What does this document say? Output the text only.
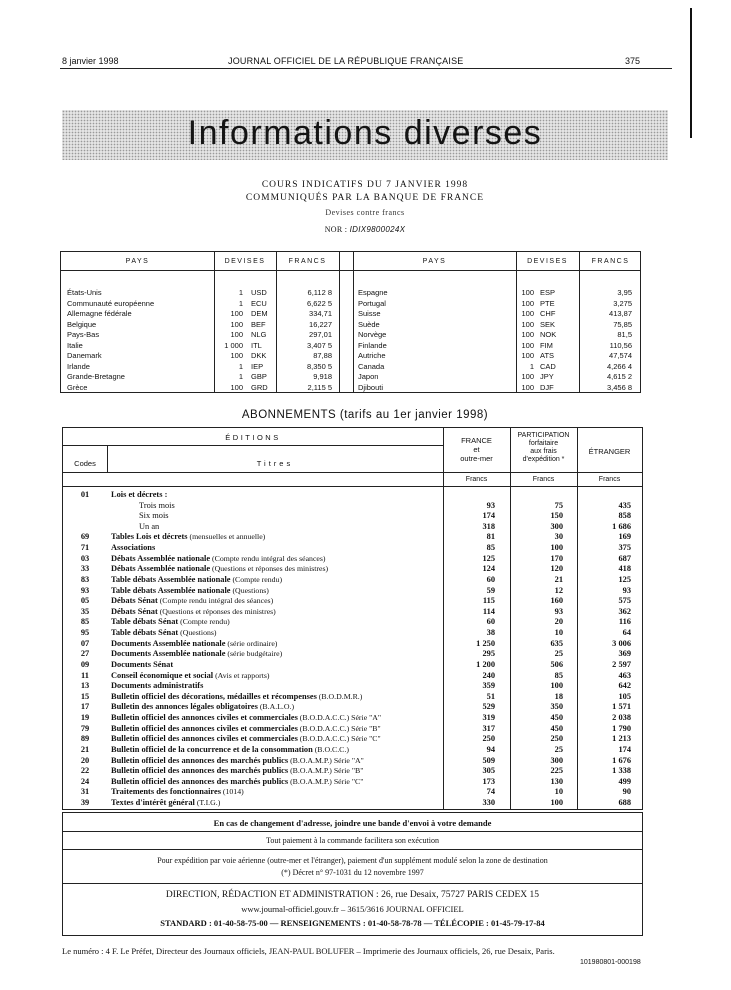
8 janvier 1998	JOURNAL OFFICIEL DE LA RÉPUBLIQUE FRANÇAISE	375
Informations diverses
COURS INDICATIFS DU 7 JANVIER 1998
COMMUNIQUÉS PAR LA BANQUE DE FRANCE
Devises contre francs
NOR : IDIX9800024X
PAYS	DEVISES	FRANCS	PAYS	DEVISES	FRANCS
États-Unis	1 USD	6,112 8
Communauté européenne	1 ECU	6,622 5
Allemagne fédérale	100 DEM	334,71
Belgique	100 BEF	16,227
Pays-Bas	100 NLG	297,01
Italie	1 000 ITL	3,407 5
Danemark	100 DKK	87,88
Irlande	1 IEP	8,350 5
Grande-Bretagne	1 GBP	9,918
Grèce	100 GRD	2,115 5
Espagne	100 ESP	3,95
Portugal	100 PTE	3,275
Suisse	100 CHF	413,87
Suède	100 SEK	75,85
Norvège	100 NOK	81,5
Finlande	100 FIM	110,56
Autriche	100 ATS	47,574
Canada	1 CAD	4,266 4
Japon	100 JPY	4,615 2
Djibouti	100 DJF	3,456 8
ABONNEMENTS (tarifs au 1er janvier 1998)
ÉDITIONS
Codes	Titres
FRANCE
et
outre-mer
PARTICIPATION
forfaitaire
aux frais
d'expédition *
ÉTRANGER
Francs	Francs	Francs
01	Lois et décrets :
Trois mois	93	75	435
Six mois	174	150	858
Un an	318	300	1 686
69	Tables Lois et décrets (mensuelles et annuelle)	81	30	169
71	Associations	85	100	375
03	Débats Assemblée nationale (Compte rendu intégral des séances)	125	170	687
33	Débats Assemblée nationale (Questions et réponses des ministres)	124	120	418
83	Table débats Assemblée nationale (Compte rendu)	60	21	125
93	Table débats Assemblée nationale (Questions)	59	12	93
05	Débats Sénat (Compte rendu intégral des séances)	115	160	575
35	Débats Sénat (Questions et réponses des ministres)	114	93	362
85	Table débats Sénat (Compte rendu)	60	20	116
95	Table débats Sénat (Questions)	38	10	64
07	Documents Assemblée nationale (série ordinaire)	1 250	635	3 006
27	Documents Assemblée nationale (série budgétaire)	295	25	369
09	Documents Sénat	1 200	506	2 597
11	Conseil économique et social (Avis et rapports)	240	85	463
13	Documents administratifs	359	100	642
15	Bulletin officiel des décorations, médailles et récompenses (B.O.D.M.R.)	51	18	105
17	Bulletin des annonces légales obligatoires (B.A.L.O.)	529	350	1 571
19	Bulletin officiel des annonces civiles et commerciales (B.O.D.A.C.C.) Série "A"	319	450	2 038
79	Bulletin officiel des annonces civiles et commerciales (B.O.D.A.C.C.) Série "B"	317	450	1 790
89	Bulletin officiel des annonces civiles et commerciales (B.O.D.A.C.C.) Série "C"	250	250	1 213
21	Bulletin officiel de la concurrence et de la consommation (B.O.C.C.)	94	25	174
20	Bulletin officiel des annonces des marchés publics (B.O.A.M.P.) Série "A"	509	300	1 676
22	Bulletin officiel des annonces des marchés publics (B.O.A.M.P.) Série "B"	305	225	1 338
24	Bulletin officiel des annonces des marchés publics (B.O.A.M.P.) Série "C"	173	130	499
31	Traitements des fonctionnaires (1014)	74	10	90
39	Textes d'intérêt général (T.I.G.)	330	100	688
En cas de changement d'adresse, joindre une bande d'envoi à votre demande
Tout paiement à la commande facilitera son exécution
Pour expédition par voie aérienne (outre-mer et l'étranger), paiement d'un supplément modulé selon la zone de destination
(*) Décret n° 97-1031 du 12 novembre 1997
DIRECTION, RÉDACTION ET ADMINISTRATION : 26, rue Desaix, 75727 PARIS CEDEX 15
www.journal-officiel.gouv.fr – 3615/3616 JOURNAL OFFICIEL
STANDARD : 01-40-58-75-00 — RENSEIGNEMENTS : 01-40-58-78-78 — TÉLÉCOPIE : 01-45-79-17-84
Le numéro : 4 F. Le Préfet, Directeur des Journaux officiels, JEAN-PAUL BOLUFER – Imprimerie des Journaux officiels, 26, rue Desaix, Paris.
101980801-000198
